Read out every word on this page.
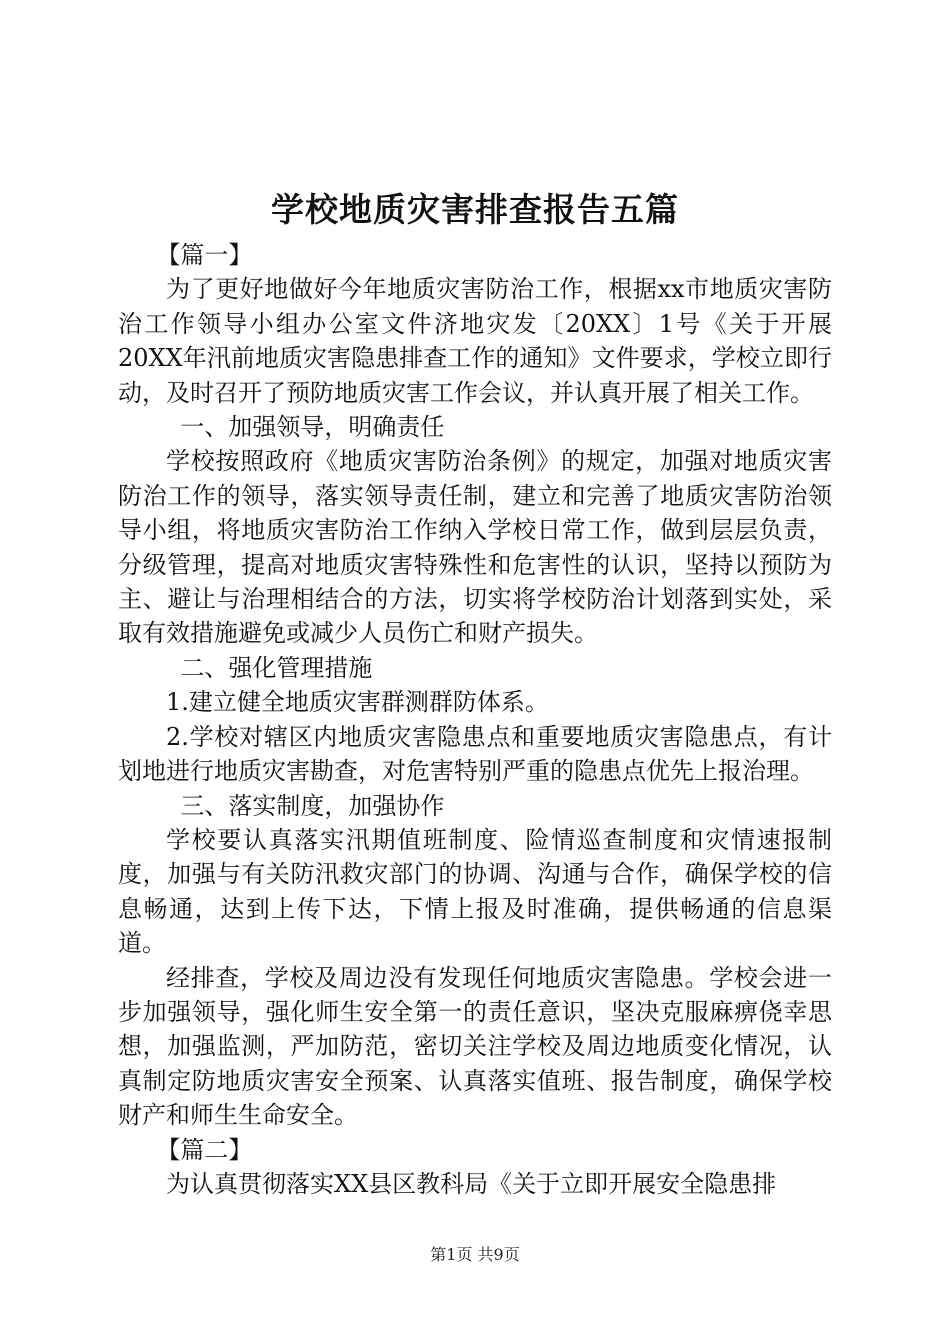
学校地质灾害排查报告五篇

【篇一】

为了更好地做好今年地质灾害防治工作，根据xx市地质灾害防治工作领导小组办公室文件济地灾发〔20XX〕1号《关于开展20XX年汛前地质灾害隐患排查工作的通知》文件要求，学校立即行动，及时召开了预防地质灾害工作会议，并认真开展了相关工作。

一、加强领导，明确责任

学校按照政府《地质灾害防治条例》的规定，加强对地质灾害防治工作的领导，落实领导责任制，建立和完善了地质灾害防治领导小组，将地质灾害防治工作纳入学校日常工作，做到层层负责，分级管理，提高对地质灾害特殊性和危害性的认识，坚持以预防为主、避让与治理相结合的方法，切实将学校防治计划落到实处，采取有效措施避免或减少人员伤亡和财产损失。

二、强化管理措施

1.建立健全地质灾害群测群防体系。

2.学校对辖区内地质灾害隐患点和重要地质灾害隐患点，有计划地进行地质灾害勘查，对危害特别严重的隐患点优先上报治理。

三、落实制度，加强协作

学校要认真落实汛期值班制度、险情巡查制度和灾情速报制度，加强与有关防汛救灾部门的协调、沟通与合作，确保学校的信息畅通，达到上传下达，下情上报及时准确，提供畅通的信息渠道。

经排查，学校及周边没有发现任何地质灾害隐患。学校会进一步加强领导，强化师生安全第一的责任意识，坚决克服麻痹侥幸思想，加强监测，严加防范，密切关注学校及周边地质变化情况，认真制定防地质灾害安全预案、认真落实值班、报告制度，确保学校财产和师生生命安全。

【篇二】

为认真贯彻落实XX县区教科局《关于立即开展安全隐患排

第1页 共9页
